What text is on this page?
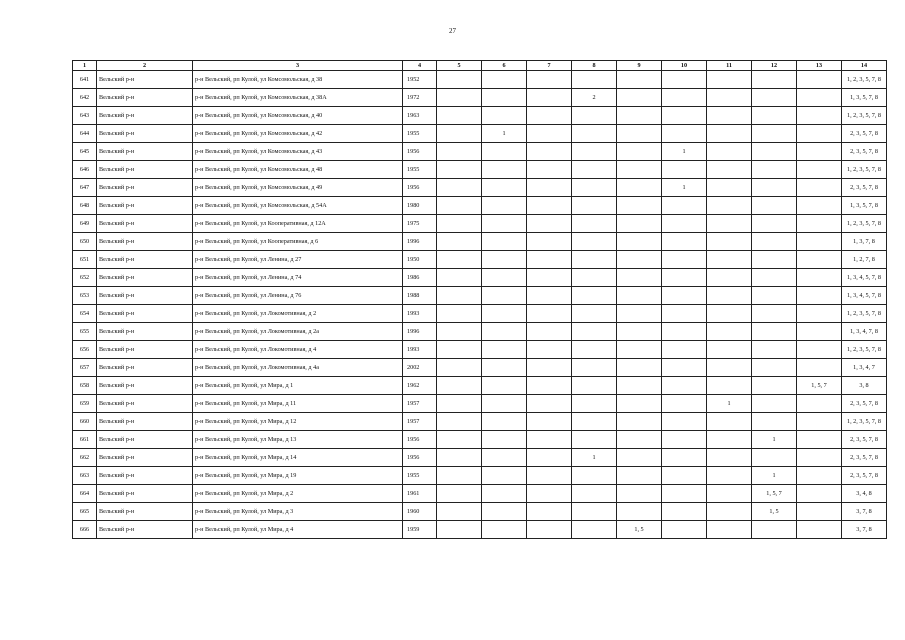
27
1	2	3	4	5	6	7	8	9	10	11	12	13	14
641	Вельский р-н	р-н Вельский, рп Кулой, ул Комсомольская, д 38	1952										1, 2, 3, 5, 7, 8
642	Вельский р-н	р-н Вельский, рп Кулой, ул Комсомольская, д 38А	1972				2						1, 3, 5, 7, 8
643	Вельский р-н	р-н Вельский, рп Кулой, ул Комсомольская, д 40	1963										1, 2, 3, 5, 7, 8
644	Вельский р-н	р-н Вельский, рп Кулой, ул Комсомольская, д 42	1955		1								2, 3, 5, 7, 8
645	Вельский р-н	р-н Вельский, рп Кулой, ул Комсомольская, д 43	1956						1				2, 3, 5, 7, 8
646	Вельский р-н	р-н Вельский, рп Кулой, ул Комсомольская, д 48	1955										1, 2, 3, 5, 7, 8
647	Вельский р-н	р-н Вельский, рп Кулой, ул Комсомольская, д 49	1956						1				2, 3, 5, 7, 8
648	Вельский р-н	р-н Вельский, рп Кулой, ул Комсомольская, д 54А	1980										1, 3, 5, 7, 8
649	Вельский р-н	р-н Вельский, рп Кулой, ул Кооперативная, д 12А	1975										1, 2, 3, 5, 7, 8
650	Вельский р-н	р-н Вельский, рп Кулой, ул Кооперативная, д 6	1996										1, 3, 7, 8
651	Вельский р-н	р-н Вельский, рп Кулой, ул Ленина, д 27	1950										1, 2, 7, 8
652	Вельский р-н	р-н Вельский, рп Кулой, ул Ленина, д 74	1986										1, 3, 4, 5, 7, 8
653	Вельский р-н	р-н Вельский, рп Кулой, ул Ленина, д 76	1988										1, 3, 4, 5, 7, 8
654	Вельский р-н	р-н Вельский, рп Кулой, ул Локомотивная, д 2	1993										1, 2, 3, 5, 7, 8
655	Вельский р-н	р-н Вельский, рп Кулой, ул Локомотивная, д 2а	1996										1, 3, 4, 7, 8
656	Вельский р-н	р-н Вельский, рп Кулой, ул Локомотивная, д 4	1993										1, 2, 3, 5, 7, 8
657	Вельский р-н	р-н Вельский, рп Кулой, ул Локомотивная, д 4а	2002										1, 3, 4, 7
658	Вельский р-н	р-н Вельский, рп Кулой, ул Мира, д 1	1962									1, 5, 7	3, 8
659	Вельский р-н	р-н Вельский, рп Кулой, ул Мира, д 11	1957							1			2, 3, 5, 7, 8
660	Вельский р-н	р-н Вельский, рп Кулой, ул Мира, д 12	1957										1, 2, 3, 5, 7, 8
661	Вельский р-н	р-н Вельский, рп Кулой, ул Мира, д 13	1956								1		2, 3, 5, 7, 8
662	Вельский р-н	р-н Вельский, рп Кулой, ул Мира, д 14	1956				1						2, 3, 5, 7, 8
663	Вельский р-н	р-н Вельский, рп Кулой, ул Мира, д 19	1955								1		2, 3, 5, 7, 8
664	Вельский р-н	р-н Вельский, рп Кулой, ул Мира, д 2	1961								1, 5, 7		3, 4, 8
665	Вельский р-н	р-н Вельский, рп Кулой, ул Мира, д 3	1960								1, 5		3, 7, 8
666	Вельский р-н	р-н Вельский, рп Кулой, ул Мира, д 4	1959					1, 5					3, 7, 8
